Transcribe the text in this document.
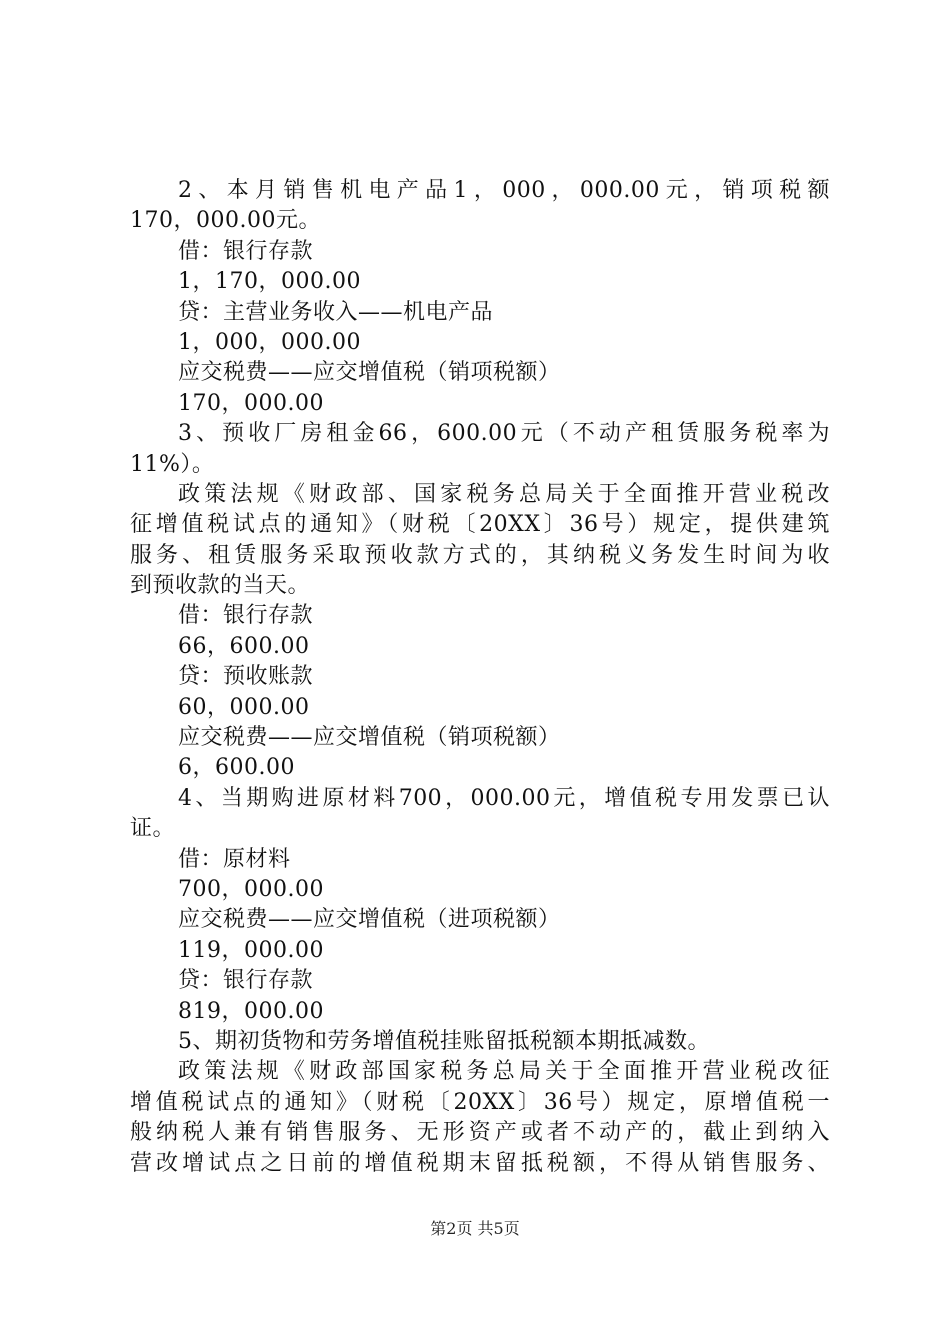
2、本月销售机电产品1，000，000.00元，销项税额
170，000.00元。
借：银行存款
1，170，000.00
贷：主营业务收入——机电产品
1，000，000.00
应交税费——应交增值税（销项税额）
170，000.00
3、预收厂房租金66，600.00元（不动产租赁服务税率为
11%）。
政策法规《财政部、国家税务总局关于全面推开营业税改
征增值税试点的通知》（财税〔20XX〕36号）规定，提供建筑
服务、租赁服务采取预收款方式的，其纳税义务发生时间为收
到预收款的当天。
借：银行存款
66，600.00
贷：预收账款
60，000.00
应交税费——应交增值税（销项税额）
6，600.00
4、当期购进原材料700，000.00元，增值税专用发票已认
证。
借：原材料
700，000.00
应交税费——应交增值税（进项税额）
119，000.00
贷：银行存款
819，000.00
5、期初货物和劳务增值税挂账留抵税额本期抵减数。
政策法规《财政部国家税务总局关于全面推开营业税改征
增值税试点的通知》（财税〔20XX〕36号）规定，原增值税一
般纳税人兼有销售服务、无形资产或者不动产的，截止到纳入
营改增试点之日前的增值税期末留抵税额，不得从销售服务、
第2页 共5页
